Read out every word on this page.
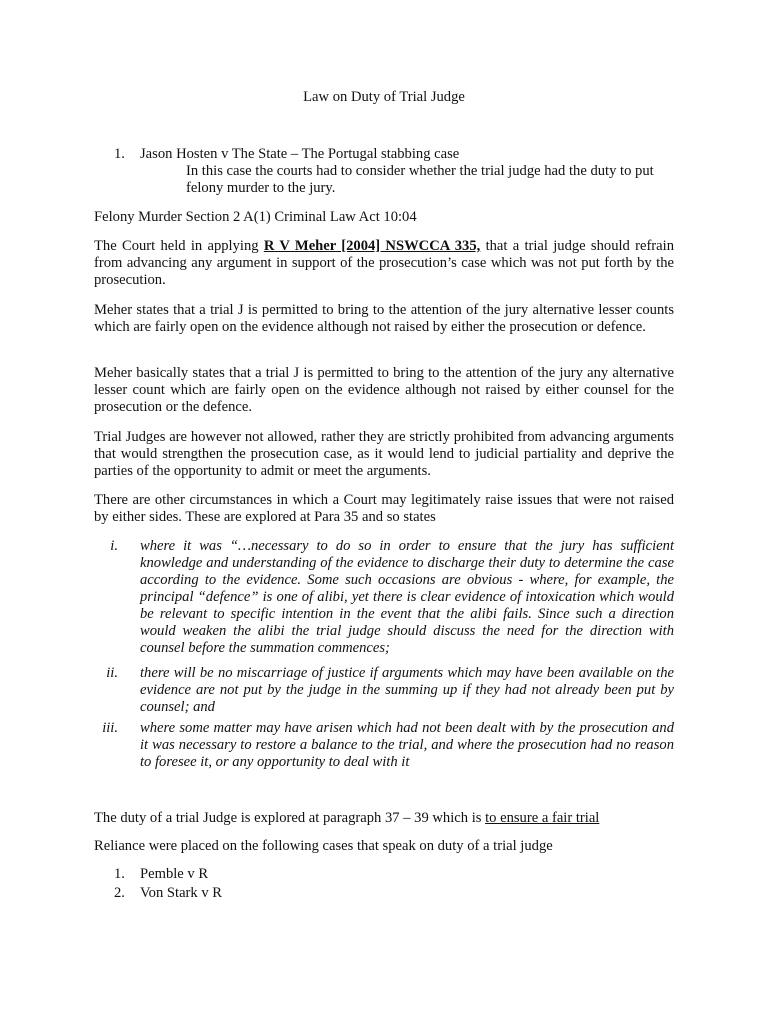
Law on Duty of Trial Judge

1. Jason Hosten v The State – The Portugal stabbing case

In this case the courts had to consider whether the trial judge had the duty to put felony murder to the jury.

Felony Murder Section 2 A(1) Criminal Law Act 10:04

The Court held in applying R V Meher [2004] NSWCCA 335, that a trial judge should refrain from advancing any argument in support of the prosecution’s case which was not put forth by the prosecution.

Meher states that a trial J is permitted to bring to the attention of the jury alternative lesser counts which are fairly open on the evidence although not raised by either the prosecution or defence.

Meher basically states that a trial J is permitted to bring to the attention of the jury any alternative lesser count which are fairly open on the evidence although not raised by either counsel for the prosecution or the defence.

Trial Judges are however not allowed, rather they are strictly prohibited from advancing arguments that would strengthen the prosecution case, as it would lend to judicial partiality and deprive the parties of the opportunity to admit or meet the arguments.

There are other circumstances in which a Court may legitimately raise issues that were not raised by either sides. These are explored at Para 35 and so states

i. where it was “…necessary to do so in order to ensure that the jury has sufficient knowledge and understanding of the evidence to discharge their duty to determine the case according to the evidence. Some such occasions are obvious - where, for example, the principal “defence” is one of alibi, yet there is clear evidence of intoxication which would be relevant to specific intention in the event that the alibi fails. Since such a direction would weaken the alibi the trial judge should discuss the need for the direction with counsel before the summation commences;

ii. there will be no miscarriage of justice if arguments which may have been available on the evidence are not put by the judge in the summing up if they had not already been put by counsel; and

iii. where some matter may have arisen which had not been dealt with by the prosecution and it was necessary to restore a balance to the trial, and where the prosecution had no reason to foresee it, or any opportunity to deal with it

The duty of a trial Judge is explored at paragraph 37 – 39 which is to ensure a fair trial

Reliance were placed on the following cases that speak on duty of a trial judge

1. Pemble v R

2. Von Stark v R
